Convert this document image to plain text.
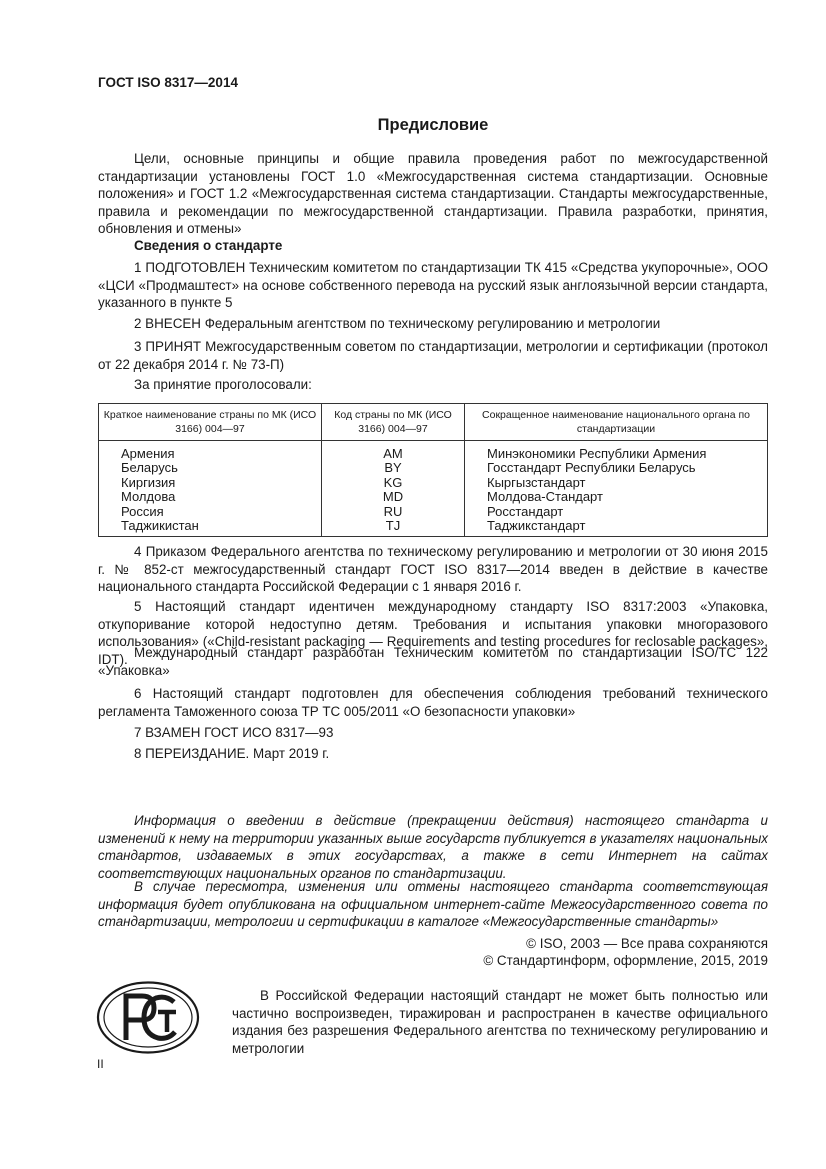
ГОСТ ISO 8317—2014
Предисловие
Цели, основные принципы и общие правила проведения работ по межгосударственной стандартизации установлены ГОСТ 1.0 «Межгосударственная система стандартизации. Основные положения» и ГОСТ 1.2 «Межгосударственная система стандартизации. Стандарты межгосударственные, правила и рекомендации по межгосударственной стандартизации. Правила разработки, принятия, обновления и отмены»
Сведения о стандарте
1 ПОДГОТОВЛЕН Техническим комитетом по стандартизации ТК 415 «Средства укупорочные», ООО «ЦСИ «Продмаштест» на основе собственного перевода на русский язык англоязычной версии стандарта, указанного в пункте 5
2 ВНЕСЕН Федеральным агентством по техническому регулированию и метрологии
3 ПРИНЯТ Межгосударственным советом по стандартизации, метрологии и сертификации (протокол от 22 декабря 2014 г. № 73-П)
За принятие проголосовали:
Краткое наименование страны по МК (ИСО 3166) 004—97	Код страны по МК (ИСО 3166) 004—97	Сокращенное наименование национального органа по стандартизации
Армения	AM	Минэкономики Республики Армения
Беларусь	BY	Госстандарт Республики Беларусь
Киргизия	KG	Кыргызстандарт
Молдова	MD	Молдова-Стандарт
Россия	RU	Росстандарт
Таджикистан	TJ	Таджикстандарт
4 Приказом Федерального агентства по техническому регулированию и метрологии от 30 июня 2015 г. № 852-ст межгосударственный стандарт ГОСТ ISO 8317—2014 введен в действие в качестве национального стандарта Российской Федерации с 1 января 2016 г.
5 Настоящий стандарт идентичен международному стандарту ISO 8317:2003 «Упаковка, откупоривание которой недоступно детям. Требования и испытания упаковки многоразового использования» («Child-resistant packaging — Requirements and testing procedures for reclosable packages», IDT). Международный стандарт разработан Техническим комитетом по стандартизации ISO/TC 122 «Упаковка»
6 Настоящий стандарт подготовлен для обеспечения соблюдения требований технического регламента Таможенного союза ТР ТС 005/2011 «О безопасности упаковки»
7 ВЗАМЕН ГОСТ ИСО 8317—93
8 ПЕРЕИЗДАНИЕ. Март 2019 г.
Информация о введении в действие (прекращении действия) настоящего стандарта и изменений к нему на территории указанных выше государств публикуется в указателях национальных стандартов, издаваемых в этих государствах, а также в сети Интернет на сайтах соответствующих национальных органов по стандартизации.
В случае пересмотра, изменения или отмены настоящего стандарта соответствующая информация будет опубликована на официальном интернет-сайте Межгосударственного совета по стандартизации, метрологии и сертификации в каталоге «Межгосударственные стандарты»
© ISO, 2003 — Все права сохраняются
© Стандартинформ, оформление, 2015, 2019
В Российской Федерации настоящий стандарт не может быть полностью или частично воспроизведен, тиражирован и распространен в качестве официального издания без разрешения Федерального агентства по техническому регулированию и метрологии
II
